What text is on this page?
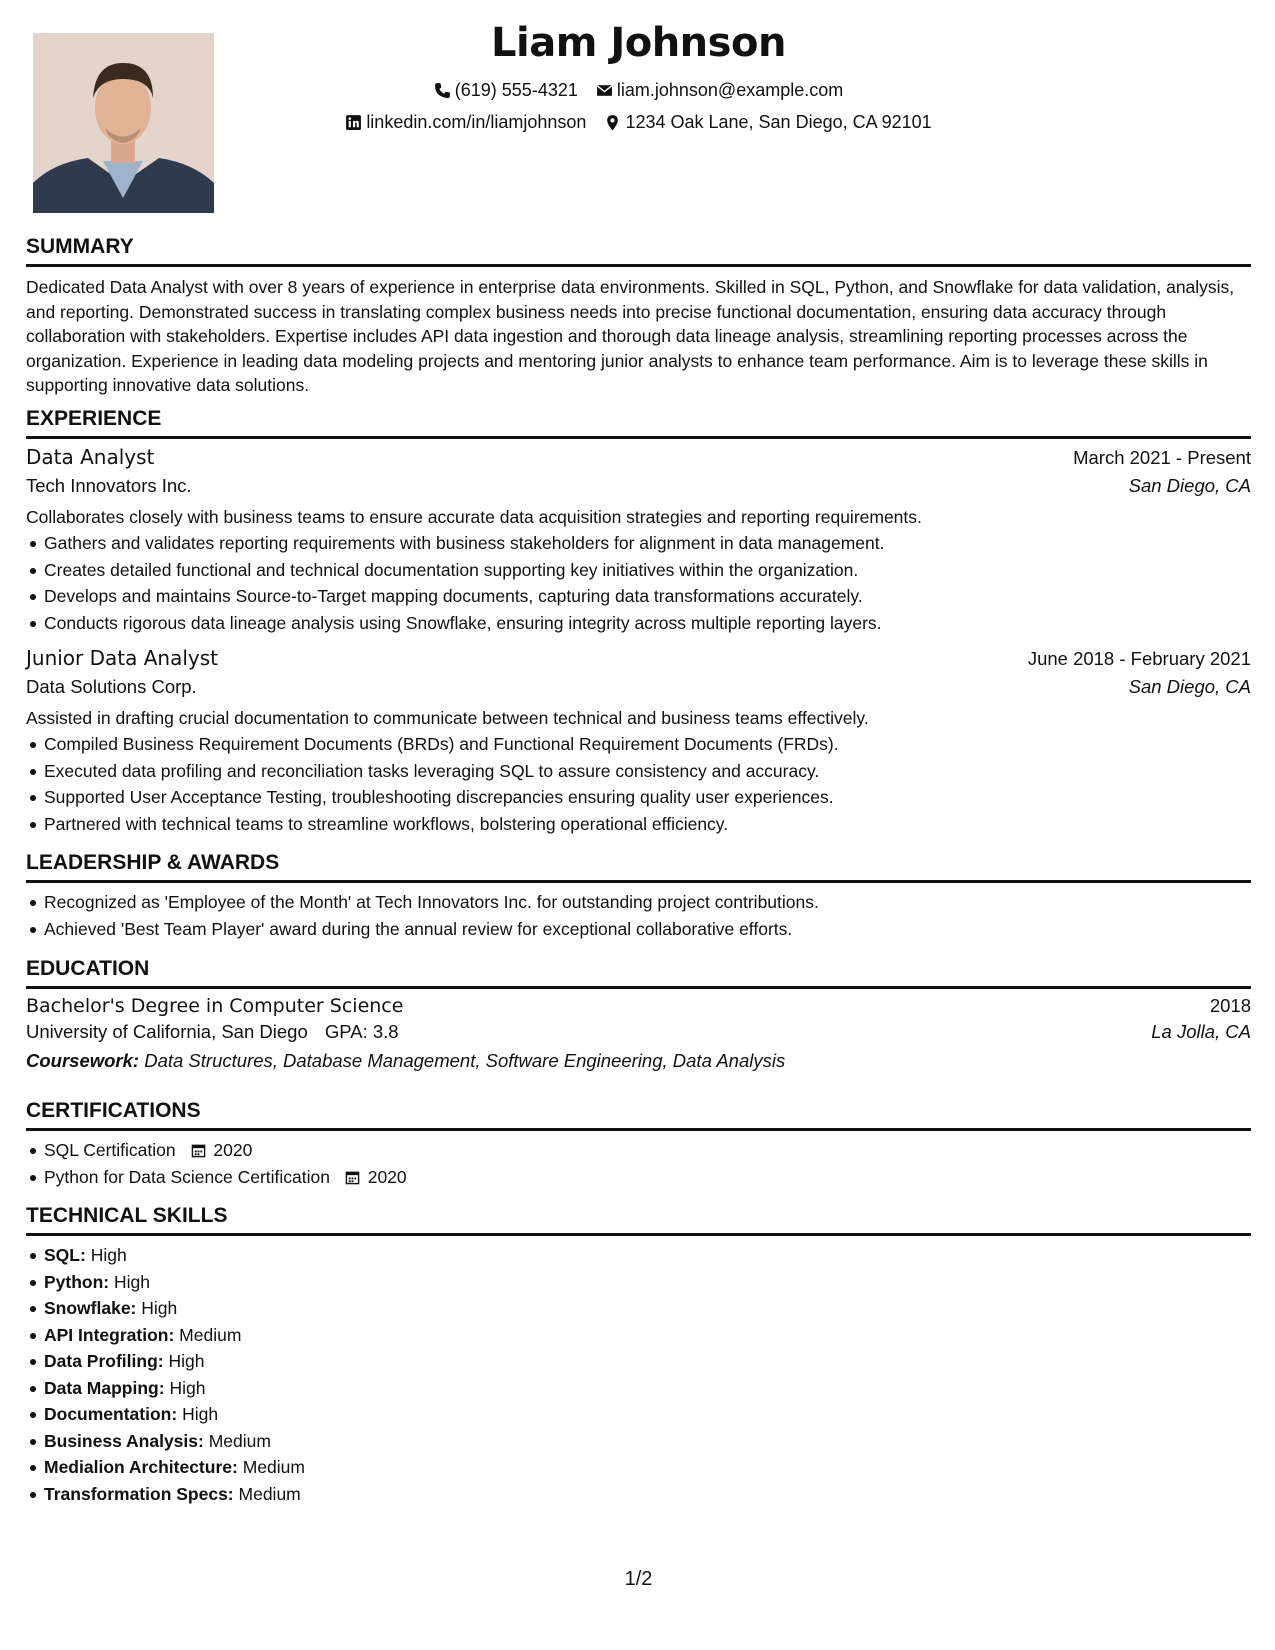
Liam Johnson
(619) 555-4321 liam.johnson@example.com
linkedin.com/in/liamjohnson 1234 Oak Lane, San Diego, CA 92101
SUMMARY

Dedicated Data Analyst with over 8 years of experience in enterprise data environments. Skilled in SQL, Python, and Snowflake for data validation, analysis, and reporting. Demonstrated success in translating complex business needs into precise functional documentation, ensuring data accuracy through collaboration with stakeholders. Expertise includes API data ingestion and thorough data lineage analysis, streamlining reporting processes across the organization. Experience in leading data modeling projects and mentoring junior analysts to enhance team performance. Aim is to leverage these skills in supporting innovative data solutions.

EXPERIENCE
Data Analyst	March 2021 - Present
Tech Innovators Inc.	San Diego, CA
Collaborates closely with business teams to ensure accurate data acquisition strategies and reporting requirements.
Gathers and validates reporting requirements with business stakeholders for alignment in data management.
Creates detailed functional and technical documentation supporting key initiatives within the organization.
Develops and maintains Source-to-Target mapping documents, capturing data transformations accurately.
Conducts rigorous data lineage analysis using Snowflake, ensuring integrity across multiple reporting layers.
Junior Data Analyst	June 2018 - February 2021
Data Solutions Corp.	San Diego, CA
Assisted in drafting crucial documentation to communicate between technical and business teams effectively.
Compiled Business Requirement Documents (BRDs) and Functional Requirement Documents (FRDs).
Executed data profiling and reconciliation tasks leveraging SQL to assure consistency and accuracy.
Supported User Acceptance Testing, troubleshooting discrepancies ensuring quality user experiences.
Partnered with technical teams to streamline workflows, bolstering operational efficiency.
LEADERSHIP & AWARDS
Recognized as 'Employee of the Month' at Tech Innovators Inc. for outstanding project contributions.
Achieved 'Best Team Player' award during the annual review for exceptional collaborative efforts.
EDUCATION
Bachelor's Degree in Computer Science	2018
University of California, San Diego GPA: 3.8	La Jolla, CA
Coursework: Data Structures, Database Management, Software Engineering, Data Analysis
CERTIFICATIONS
SQL Certification 2020
Python for Data Science Certification 2020
TECHNICAL SKILLS
SQL: High
Python: High
Snowflake: High
API Integration: Medium
Data Profiling: High
Data Mapping: High
Documentation: High
Business Analysis: Medium
Medialion Architecture: Medium
Transformation Specs: Medium
1/2
